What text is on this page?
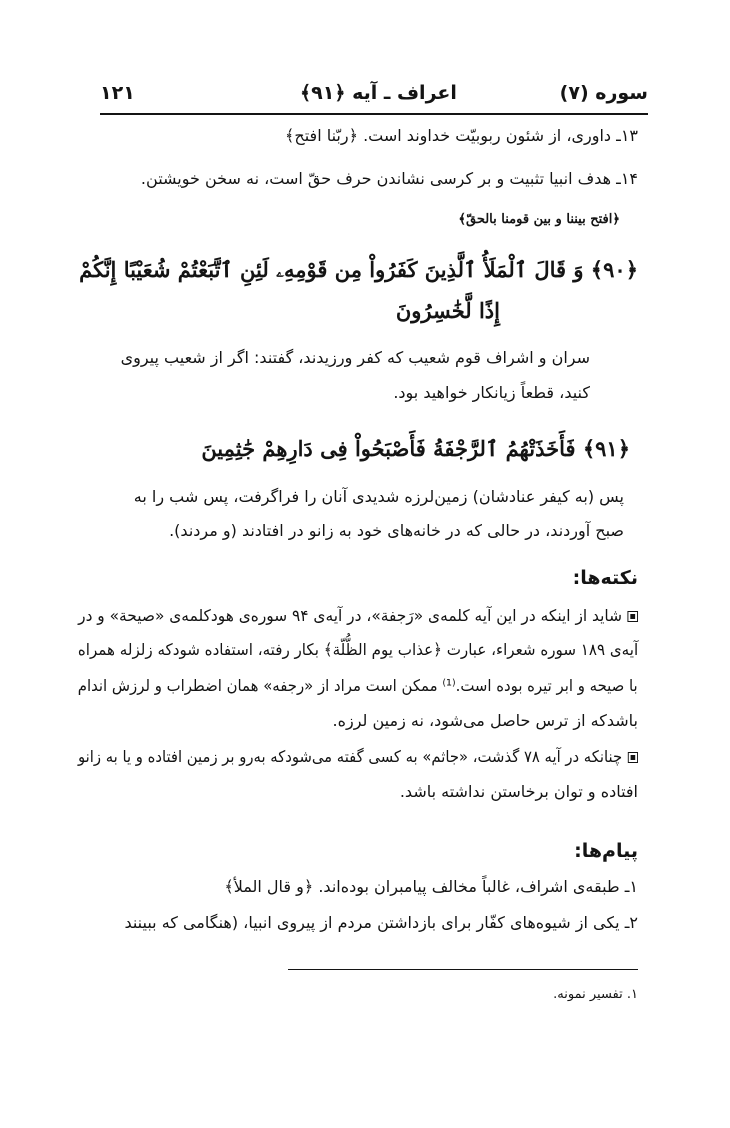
سوره (۷)
اعراف ـ آیه ﴿۹۱﴾
۱۲۱
۱۳ـ داوری، از شئون ربوبیّت خداوند است. ﴿ربّنا افتح﴾
۱۴ـ هدف انبیا تثبیت و بر کرسی نشاندن حرف حقّ است، نه سخن خویشتن.
﴿افتح بیننا و بین قومنا بالحقّ﴾
﴿۹۰﴾ وَ قَالَ ٱلْمَلَأُ ٱلَّذِينَ كَفَرُواْ مِن قَوْمِهِۦ لَئِنِ ٱتَّبَعْتُمْ شُعَيْبًا إِنَّكُمْ
إِذًا لَّخَٰسِرُونَ
سران و اشراف قوم شعیب که کفر ورزیدند، گفتند: اگر از شعیب پیروی
کنید، قطعاً زیانکار خواهید بود.
﴿۹۱﴾ فَأَخَذَتْهُمُ ٱلرَّجْفَةُ فَأَصْبَحُواْ فِى دَارِهِمْ جَٰثِمِينَ
پس (به کیفر عنادشان) زمین‌لرزه شدیدی آنان را فراگرفت، پس شب را به
صبح آوردند، در حالی که در خانه‌های خود به زانو در افتادند (و مردند).
نکته‌ها:
شاید از اینکه در این آیه کلمه‌ی «رَجفة»، در آیه‌ی ۹۴ سوره‌ی هودکلمه‌ی «صیحة» و در
آیه‌ی ۱۸۹ سوره شعراء، عبارت ﴿عذاب یوم الظُّلّة﴾ بکار رفته، استفاده شودکه زلزله همراه
با صیحه و ابر تیره بوده است.⁽¹⁾ ممکن است مراد از «رجفه» همان اضطراب و لرزش اندام
باشدکه از ترس حاصل می‌شود، نه زمین لرزه.
چنانکه در آیه ۷۸ گذشت، «جاثم» به کسی گفته می‌شودکه به‌رو بر زمین افتاده و یا به زانو
افتاده و توان برخاستن نداشته باشد.
پیام‌ها:
۱ـ طبقه‌ی اشراف، غالباً مخالف پیامبران بوده‌اند. ﴿و قال الملأ﴾
۲ـ یکی از شیوه‌های کفّار برای بازداشتن مردم از پیروی انبیا، (هنگامی که ببینند
۱. تفسیر نمونه.
